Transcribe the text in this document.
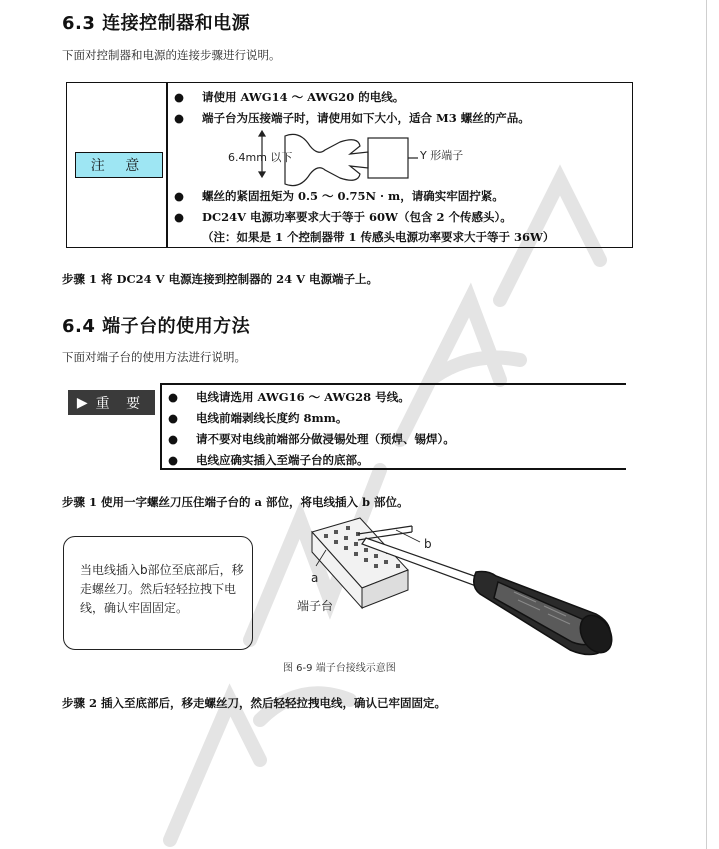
6.3 连接控制器和电源
下面对控制器和电源的连接步骤进行说明。
注 意
● 请使用 AWG14 ～ AWG20 的电线。
● 端子台为压接端子时，请使用如下大小，适合 M3 螺丝的产品。
6.4mm 以下	Y 形端子
● 螺丝的紧固扭矩为 0.5 ～ 0.75N · m，请确实牢固拧紧。
● DC24V 电源功率要求大于等于 60W（包含 2 个传感头）。
（注：如果是 1 个控制器带 1 传感头电源功率要求大于等于 36W）
步骤 1 将 DC24 V 电源连接到控制器的 24 V 电源端子上。
6.4 端子台的使用方法
下面对端子台的使用方法进行说明。
▶ 重 要 ● 电线请选用 AWG16 ～ AWG28 号线。
● 电线前端剥线长度约 8mm。
● 请不要对电线前端部分做浸锡处理（预焊、锡焊）。
● 电线应确实插入至端子台的底部。
步骤 1 使用一字螺丝刀压住端子台的 a 部位，将电线插入 b 部位。

当电线插入b部位至底部后，移走螺丝刀。然后轻轻拉拽下电线，确认牢固固定。

b
a
端子台
图 6-9 端子台接线示意图
步骤 2 插入至底部后，移走螺丝刀，然后轻轻拉拽电线，确认已牢固固定。
